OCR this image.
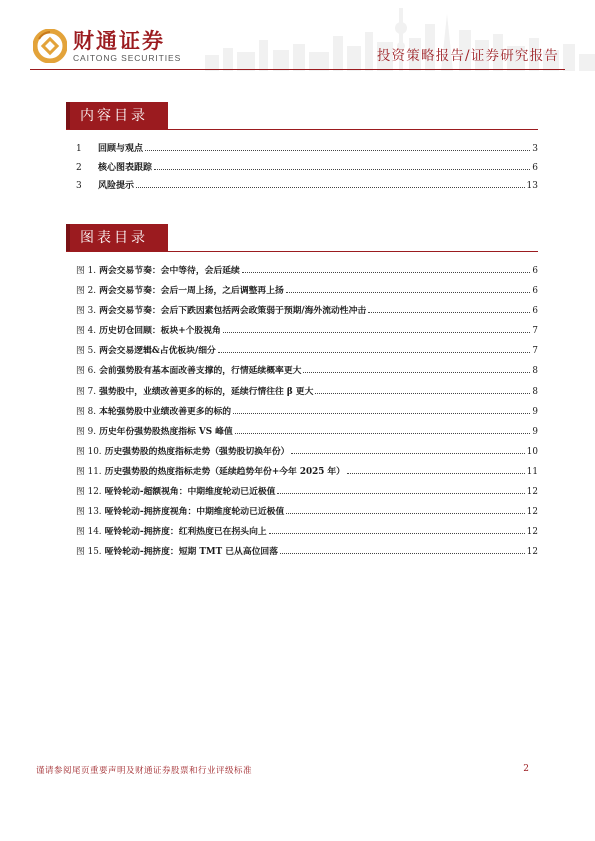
财通证券
CAITONG SECURITIES	投资策略报告/证券研究报告
内容目录
1	回顾与观点	3
2	核心图表跟踪	6
3	风险提示	13
图表目录
图 1. 两会交易节奏：会中等待，会后延续	6
图 2. 两会交易节奏：会后一周上扬，之后调整再上扬	6
图 3. 两会交易节奏：会后下跌因素包括两会政策弱于预期/海外流动性冲击	6
图 4. 历史切仓回顾：板块+个股视角	7
图 5. 两会交易逻辑&占优板块/细分	7
图 6. 会前强势股有基本面改善支撑的，行情延续概率更大	8
图 7. 强势股中，业绩改善更多的标的，延续行情往往 β 更大	8
图 8. 本轮强势股中业绩改善更多的标的	9
图 9. 历史年份强势股热度指标 VS 峰值	9
图 10. 历史强势股的热度指标走势（强势股切换年份）	10
图 11. 历史强势股的热度指标走势（延续趋势年份+今年 2025 年）	11
图 12. 哑铃轮动-超额视角：中期维度轮动已近极值	12
图 13. 哑铃轮动-拥挤度视角：中期维度轮动已近极值	12
图 14. 哑铃轮动-拥挤度：红利热度已在拐头向上	12
图 15. 哑铃轮动-拥挤度：短期 TMT 已从高位回落	12
谨请参阅尾页重要声明及财通证券股票和行业评级标准	2
